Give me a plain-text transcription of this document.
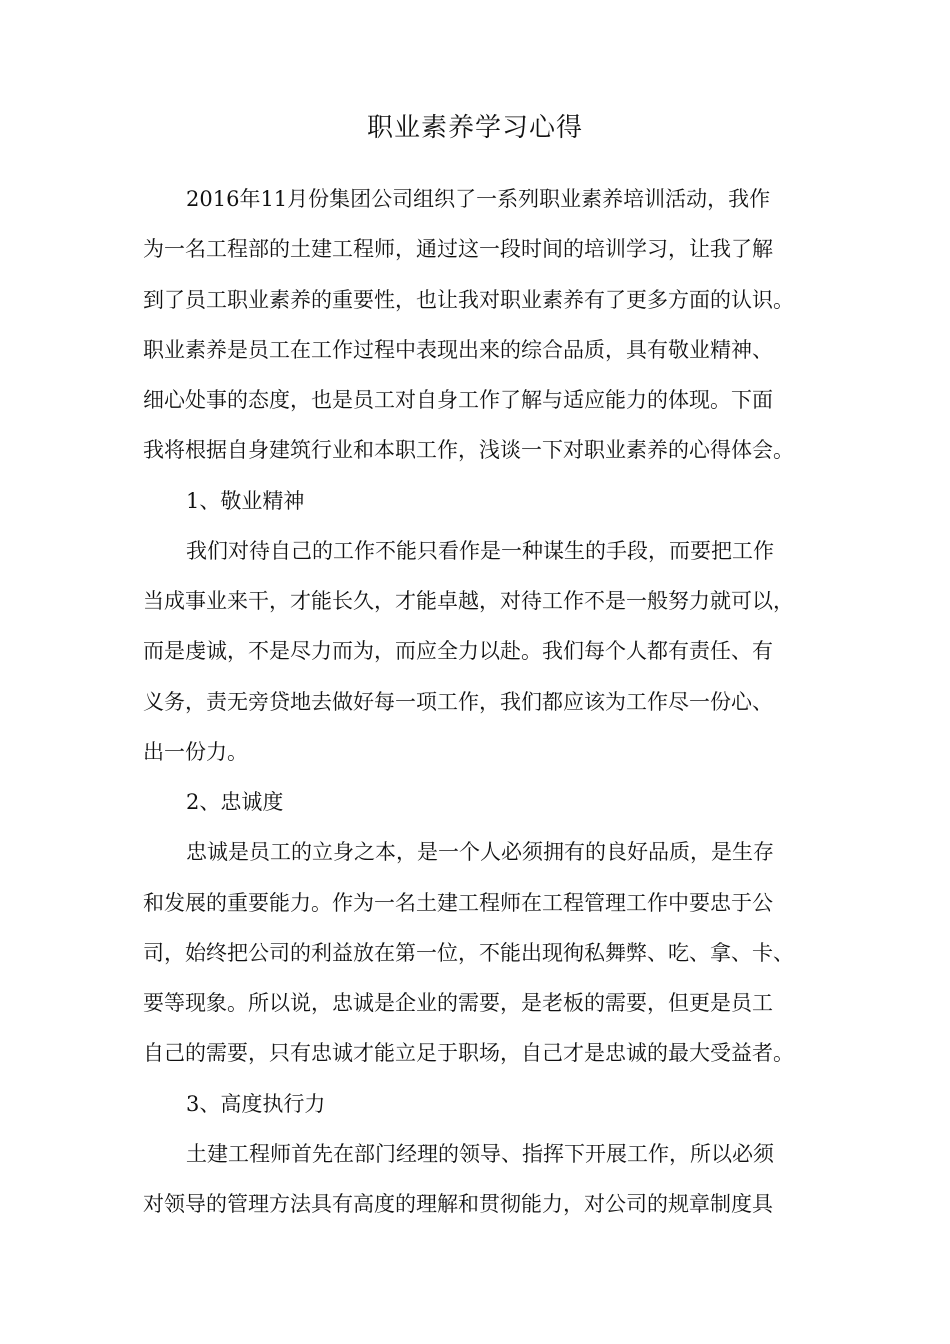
职业素养学习心得
2016年11月份集团公司组织了一系列职业素养培训活动，我作
为一名工程部的土建工程师，通过这一段时间的培训学习，让我了解
到了员工职业素养的重要性，也让我对职业素养有了更多方面的认识。
职业素养是员工在工作过程中表现出来的综合品质，具有敬业精神、
细心处事的态度，也是员工对自身工作了解与适应能力的体现。下面
我将根据自身建筑行业和本职工作，浅谈一下对职业素养的心得体会。
1、敬业精神
我们对待自己的工作不能只看作是一种谋生的手段，而要把工作
当成事业来干，才能长久，才能卓越，对待工作不是一般努力就可以，
而是虔诚，不是尽力而为，而应全力以赴。我们每个人都有责任、有
义务，责无旁贷地去做好每一项工作，我们都应该为工作尽一份心、
出一份力。
2、忠诚度
忠诚是员工的立身之本，是一个人必须拥有的良好品质，是生存
和发展的重要能力。作为一名土建工程师在工程管理工作中要忠于公
司，始终把公司的利益放在第一位，不能出现徇私舞弊、吃、拿、卡、
要等现象。所以说，忠诚是企业的需要，是老板的需要，但更是员工
自己的需要，只有忠诚才能立足于职场，自己才是忠诚的最大受益者。
3、高度执行力
土建工程师首先在部门经理的领导、指挥下开展工作，所以必须
对领导的管理方法具有高度的理解和贯彻能力，对公司的规章制度具
